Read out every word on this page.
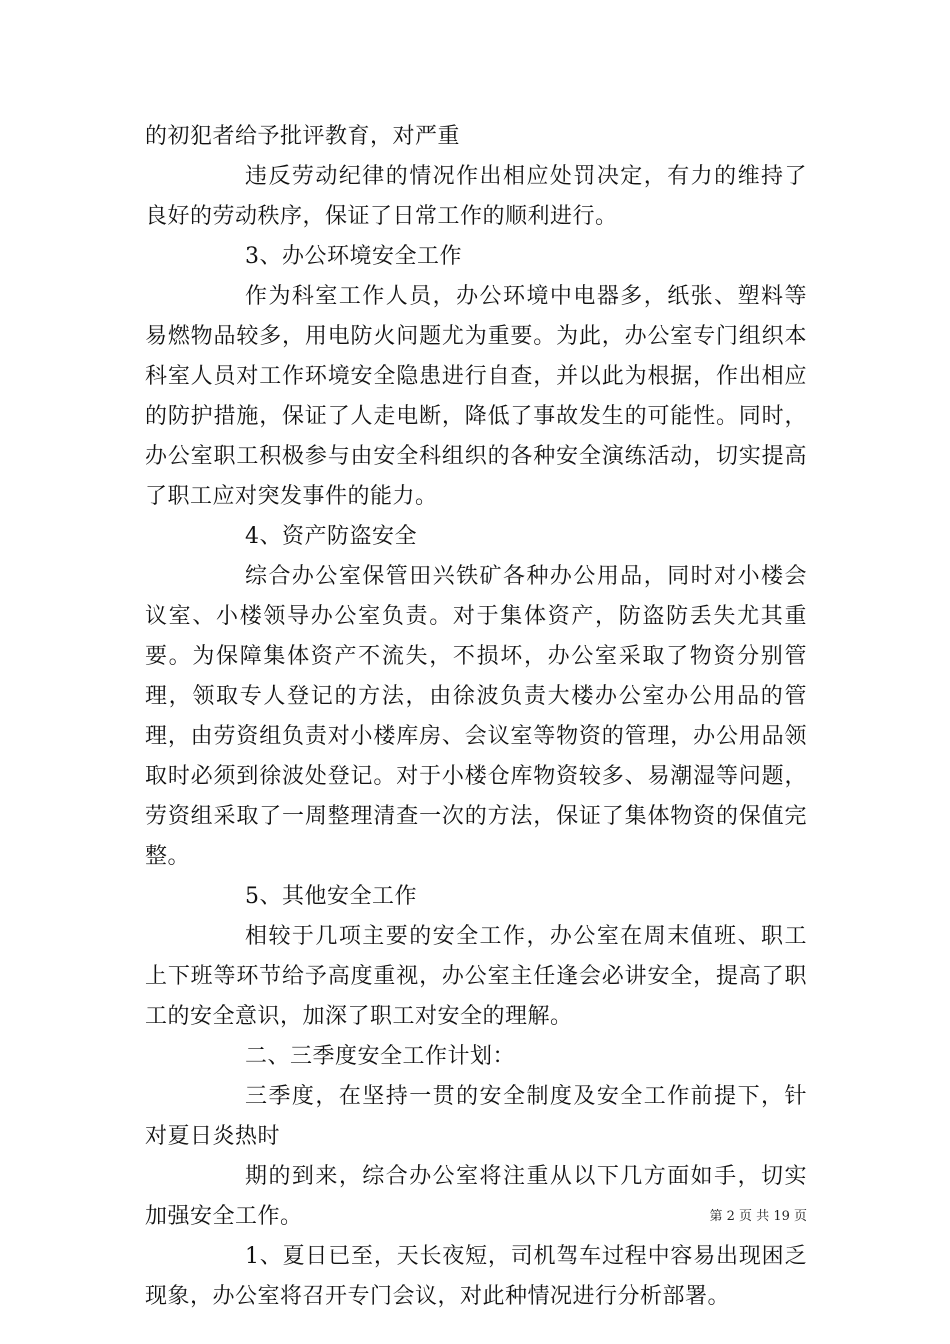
的初犯者给予批评教育，对严重

违反劳动纪律的情况作出相应处罚决定，有力的维持了良好的劳动秩序，保证了日常工作的顺利进行。

3、办公环境安全工作

作为科室工作人员，办公环境中电器多，纸张、塑料等易燃物品较多，用电防火问题尤为重要。为此，办公室专门组织本科室人员对工作环境安全隐患进行自查，并以此为根据，作出相应的防护措施，保证了人走电断，降低了事故发生的可能性。同时，办公室职工积极参与由安全科组织的各种安全演练活动，切实提高了职工应对突发事件的能力。

4、资产防盗安全

综合办公室保管田兴铁矿各种办公用品，同时对小楼会议室、小楼领导办公室负责。对于集体资产，防盗防丢失尤其重要。为保障集体资产不流失，不损坏，办公室采取了物资分别管理，领取专人登记的方法，由徐波负责大楼办公室办公用品的管理，由劳资组负责对小楼库房、会议室等物资的管理，办公用品领取时必须到徐波处登记。对于小楼仓库物资较多、易潮湿等问题，劳资组采取了一周整理清查一次的方法，保证了集体物资的保值完整。

5、其他安全工作

相较于几项主要的安全工作，办公室在周末值班、职工上下班等环节给予高度重视，办公室主任逢会必讲安全，提高了职工的安全意识，加深了职工对安全的理解。

二、三季度安全工作计划：

三季度，在坚持一贯的安全制度及安全工作前提下，针对夏日炎热时

期的到来，综合办公室将注重从以下几方面如手，切实加强安全工作。

1、夏日已至，天长夜短，司机驾车过程中容易出现困乏现象，办公室将召开专门会议，对此种情况进行分析部署。

第 2 页 共 19 页
